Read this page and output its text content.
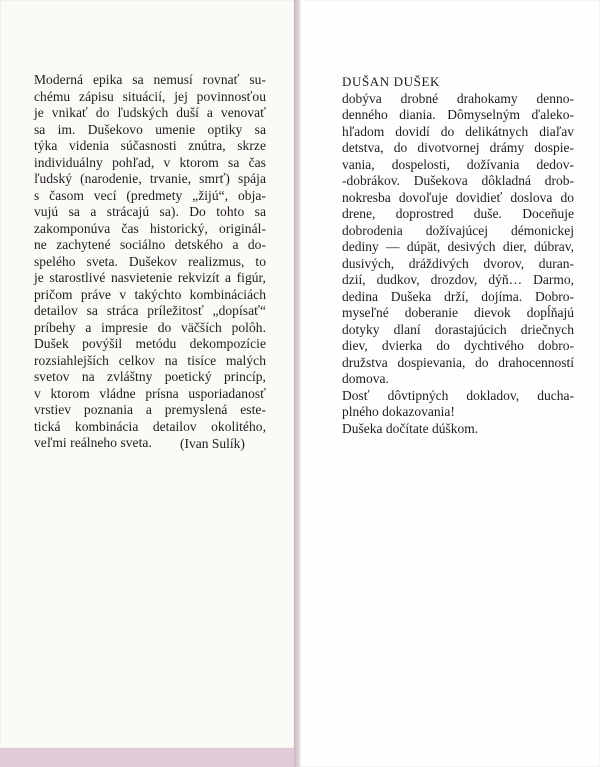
Moderná epika sa nemusí rovnať su-
chému zápisu situácií, jej povinnosťou
je vnikať do ľudských duší a venovať
sa im. Dušekovo umenie optiky sa
týka videnia súčasnosti znútra, skrze
individuálny pohľad, v ktorom sa čas
ľudský (narodenie, trvanie, smrť) spája
s časom vecí (predmety „žijú“, obja-
vujú sa a strácajú sa). Do tohto sa
zakomponúva čas historický, originál-
ne zachytené sociálno detského a do-
spelého sveta. Dušekov realizmus, to
je starostlivé nasvietenie rekvizít a figúr,
pričom práve v takýchto kombináciách
detailov sa stráca príležitosť „dopísať“
príbehy a impresie do väčších polôh.
Dušek povýšil metódu dekompozície
rozsiahlejších celkov na tisíce malých
svetov na zvláštny poetický princíp,
v ktorom vládne prísna usporiadanosť
vrstiev poznania a premyslená este-
tická kombinácia detailov okolitého,
veľmi reálneho sveta.	(Ivan Sulík)
DUŠAN DUŠEK
dobýva drobné drahokamy denno-
denného diania. Dômyselným ďaleko-
hľadom dovidí do delikátnych diaľav
detstva, do divotvornej drámy dospie-
vania, dospelosti, dožívania dedov-
-dobrákov. Dušekova dôkladná drob-
nokresba dovoľuje dovidieť doslova do
drene, doprostred duše. Doceňuje
dobrodenia dožívajúcej démonickej
dediny — dúpät, desivých dier, dúbrav,
dusivých, dráždivých dvorov, duran-
dzií, dudkov, drozdov, dýň… Darmo,
dedina Dušeka drží, dojíma. Dobro-
myseľné doberanie dievok dopĺňajú
dotyky dlaní dorastajúcich driečnych
diev, dvierka do dychtivého dobro-
družstva dospievania, do drahocenností
domova.
Dosť dôvtipných dokladov, ducha-
plného dokazovania!
Dušeka dočítate dúškom.
